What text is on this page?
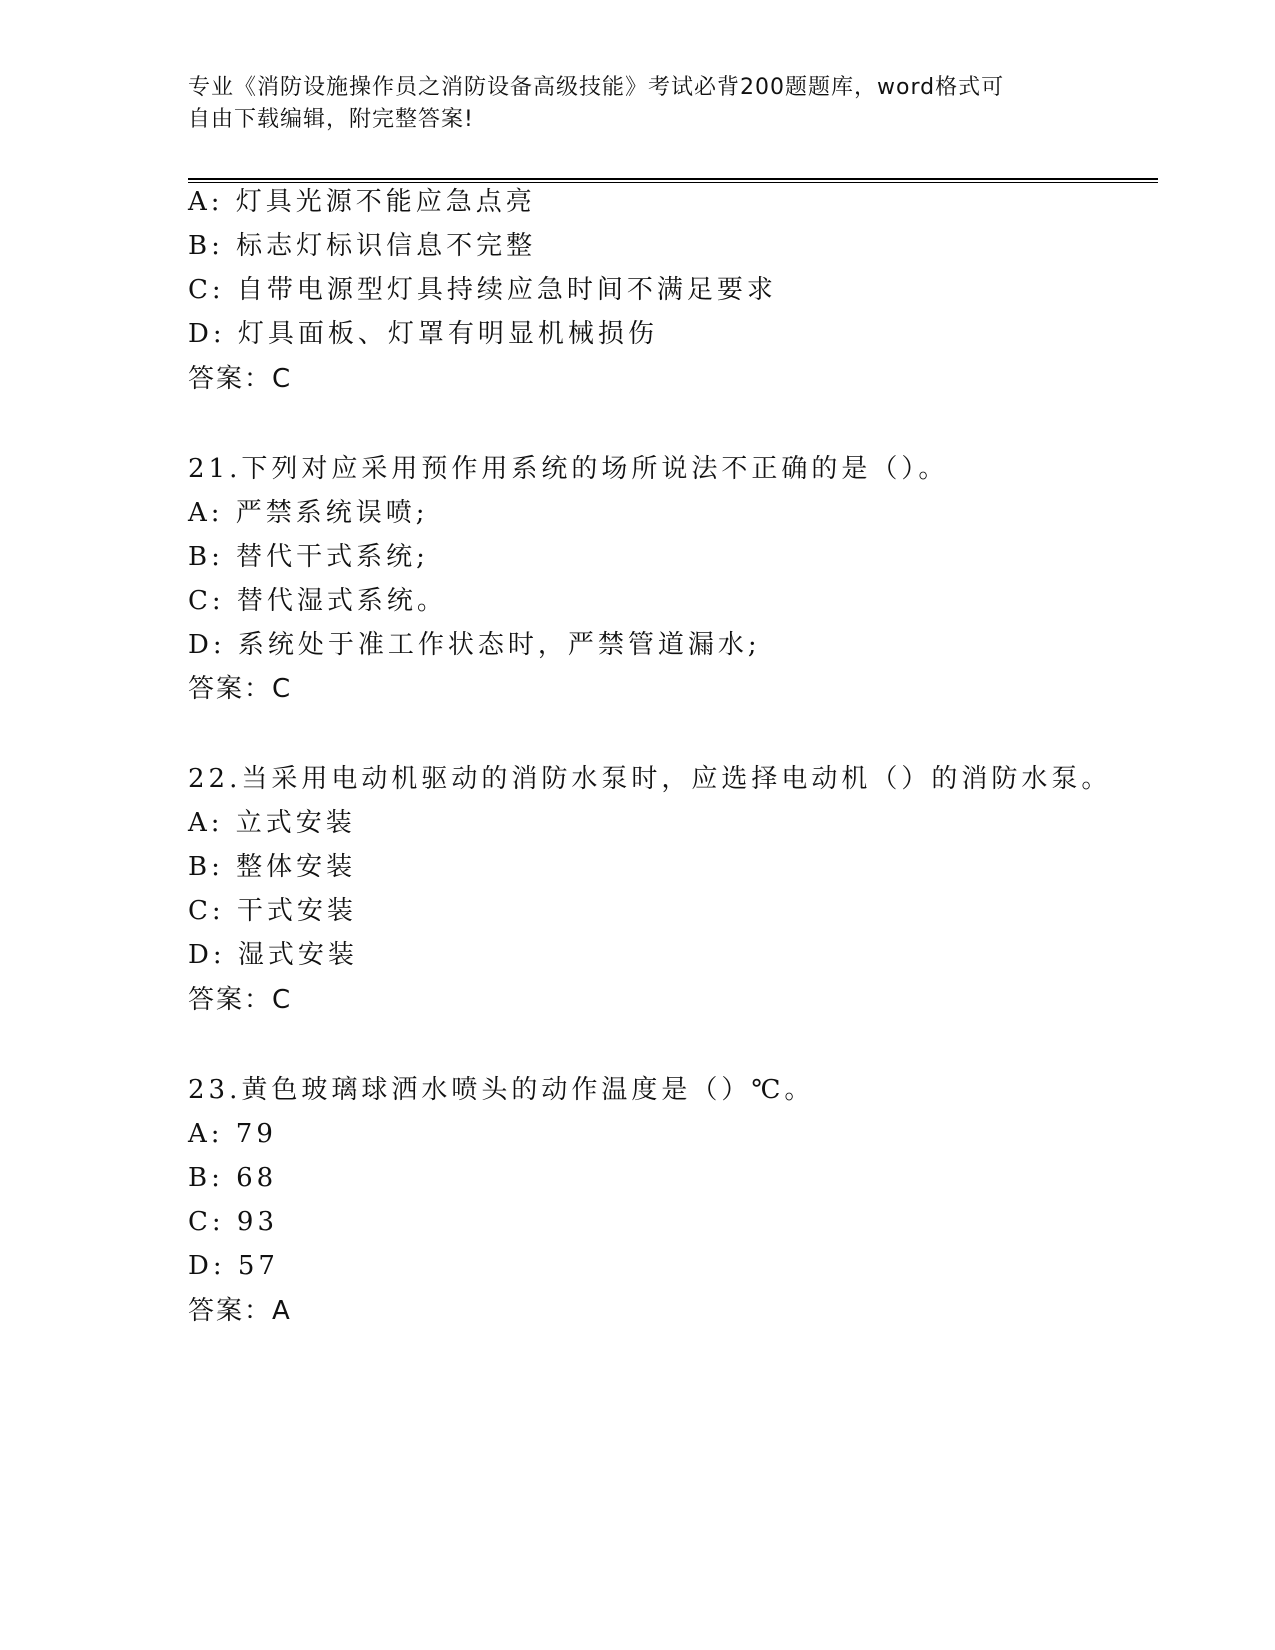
专业《消防设施操作员之消防设备高级技能》考试必背200题题库，word格式可
自由下载编辑，附完整答案!
A: 灯具光源不能应急点亮
B: 标志灯标识信息不完整
C: 自带电源型灯具持续应急时间不满足要求
D: 灯具面板、灯罩有明显机械损伤
答案：C
21.下列对应采用预作用系统的场所说法不正确的是（）。
A: 严禁系统误喷;
B: 替代干式系统;
C: 替代湿式系统。
D: 系统处于准工作状态时，严禁管道漏水;
答案：C
22.当采用电动机驱动的消防水泵时，应选择电动机（）的消防水泵。
A: 立式安装
B: 整体安装
C: 干式安装
D: 湿式安装
答案：C
23.黄色玻璃球洒水喷头的动作温度是（）℃。
A: 79
B: 68
C: 93
D: 57
答案：A
